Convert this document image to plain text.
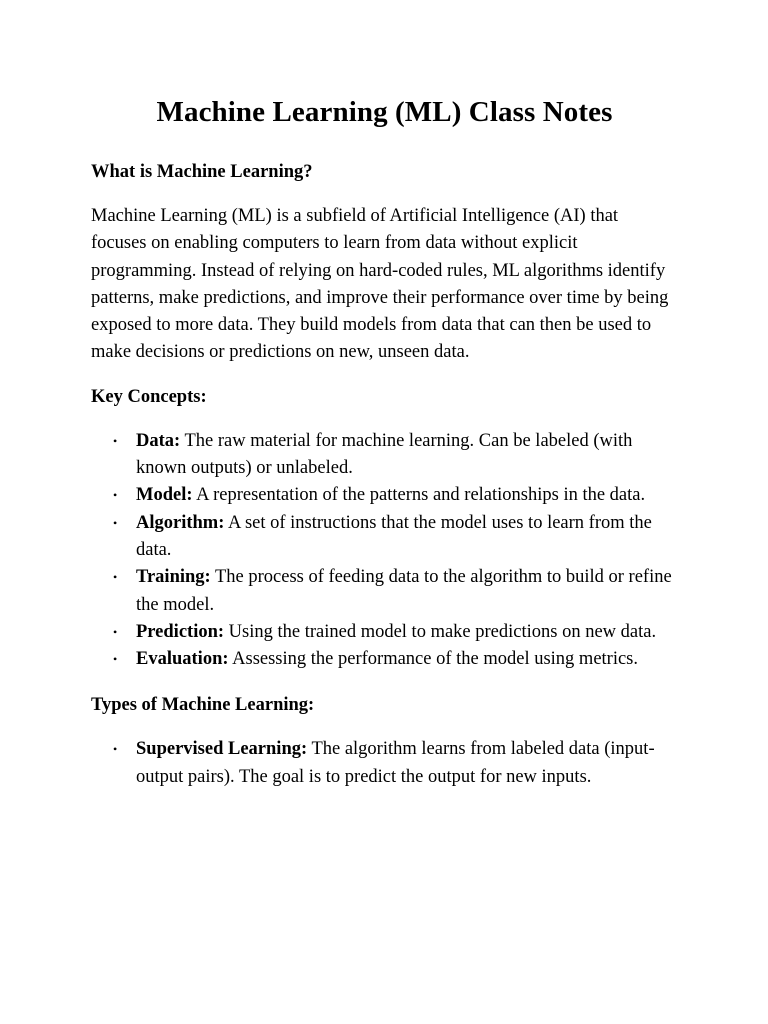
Machine Learning (ML) Class Notes
What is Machine Learning?

Machine Learning (ML) is a subfield of Artificial Intelligence (AI) that focuses on enabling computers to learn from data without explicit programming. Instead of relying on hard-coded rules, ML algorithms identify patterns, make predictions, and improve their performance over time by being exposed to more data. They build models from data that can then be used to make decisions or predictions on new, unseen data.

Key Concepts:
• Data: The raw material for machine learning. Can be labeled (with known outputs) or unlabeled.
• Model: A representation of the patterns and relationships in the data.
• Algorithm: A set of instructions that the model uses to learn from the data.
• Training: The process of feeding data to the algorithm to build or refine the model.
• Prediction: Using the trained model to make predictions on new data.
• Evaluation: Assessing the performance of the model using metrics.
Types of Machine Learning:
• Supervised Learning: The algorithm learns from labeled data (input-output pairs). The goal is to predict the output for new inputs.
